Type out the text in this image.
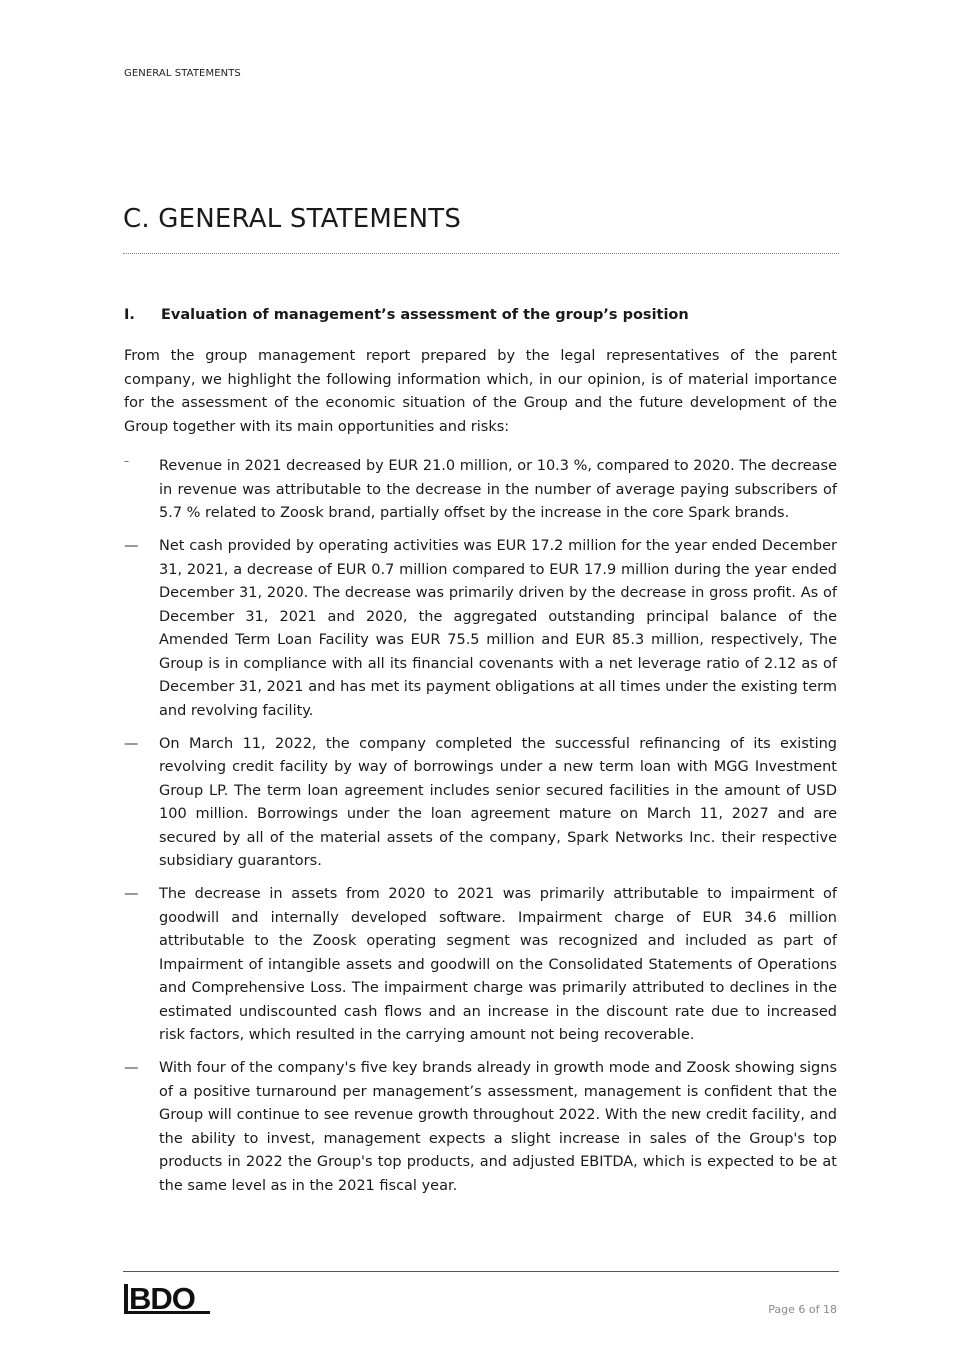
GENERAL STATEMENTS
C. GENERAL STATEMENTS
I. Evaluation of management’s assessment of the group’s position

From the group management report prepared by the legal representatives of the parent company, we highlight the following information which, in our opinion, is of material importance for the assessment of the economic situation of the Group and the future development of the Group together with its main opportunities and risks:

–	Revenue in 2021 decreased by EUR 21.0 million, or 10.3 %, compared to 2020. The decrease in revenue was attributable to the decrease in the number of average paying subscribers of 5.7 % related to Zoosk brand, partially offset by the increase in the core Spark brands.
—	Net cash provided by operating activities was EUR 17.2 million for the year ended December 31, 2021, a decrease of EUR 0.7 million compared to EUR 17.9 million during the year ended December 31, 2020. The decrease was primarily driven by the decrease in gross profit. As of December 31, 2021 and 2020, the aggregated outstanding principal balance of the Amended Term Loan Facility was EUR 75.5 million and EUR 85.3 million, respectively, The Group is in compliance with all its financial covenants with a net leverage ratio of 2.12 as of December 31, 2021 and has met its payment obligations at all times under the existing term and revolving facility.
—	On March 11, 2022, the company completed the successful refinancing of its existing revolving credit facility by way of borrowings under a new term loan with MGG Investment Group LP. The term loan agreement includes senior secured facilities in the amount of USD 100 million. Borrowings under the loan agreement mature on March 11, 2027 and are secured by all of the material assets of the company, Spark Networks Inc. their respective subsidiary guarantors.
—	The decrease in assets from 2020 to 2021 was primarily attributable to impairment of goodwill and internally developed software. Impairment charge of EUR 34.6 million attributable to the Zoosk operating segment was recognized and included as part of Impairment of intangible assets and goodwill on the Consolidated Statements of Operations and Comprehensive Loss. The impairment charge was primarily attributed to declines in the estimated undiscounted cash flows and an increase in the discount rate due to increased risk factors, which resulted in the carrying amount not being recoverable.
—	With four of the company's five key brands already in growth mode and Zoosk showing signs of a positive turnaround per management’s assessment, management is confident that the Group will continue to see revenue growth throughout 2022. With the new credit facility, and the ability to invest, management expects a slight increase in sales of the Group's top products in 2022 the Group's top products, and adjusted EBITDA, which is expected to be at the same level as in the 2021 fiscal year.
BDO	Page 6 of 18
